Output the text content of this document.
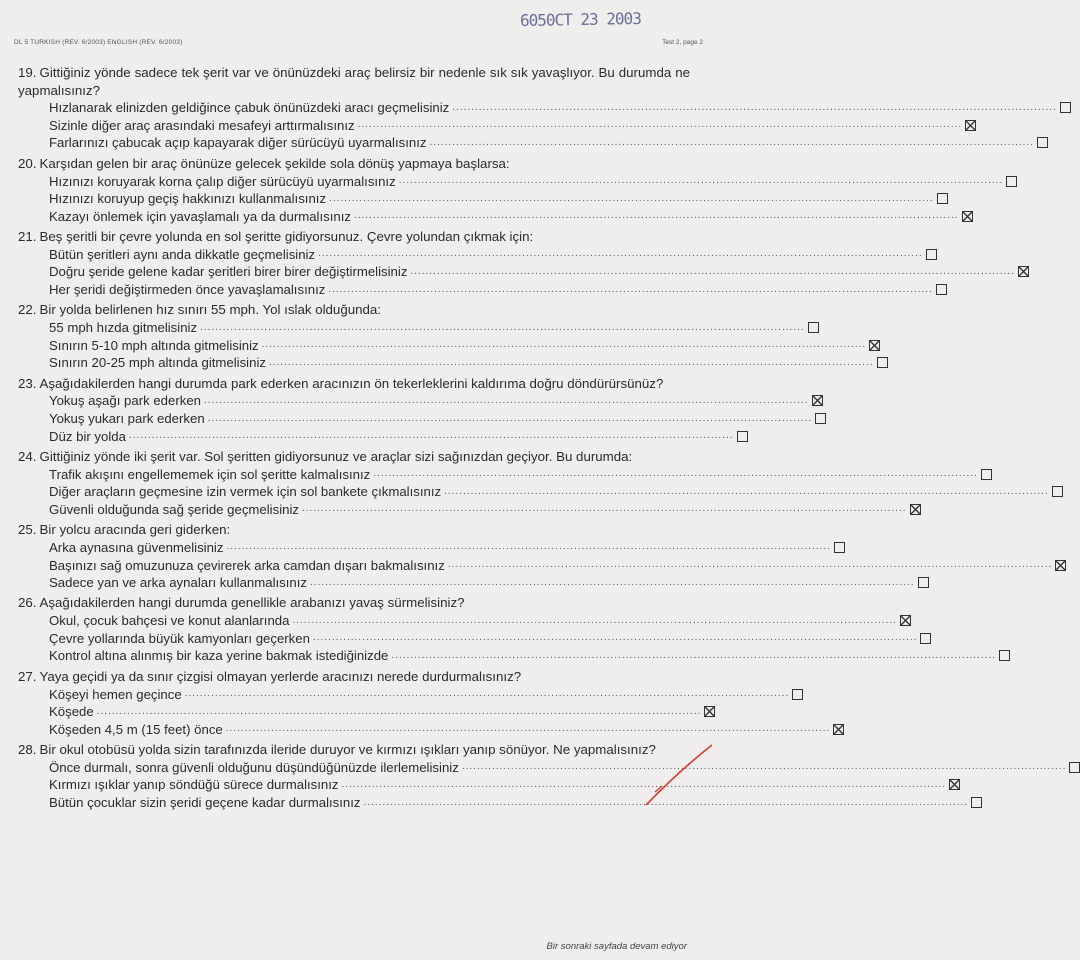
6050CT 23 2003
DL 5 TURKISH (REV. 6/2003) ENGLISH (REV. 6/2003)	Test 2, page 2
19. Gittiğiniz yönde sadece tek şerit var ve önünüzdeki araç belirsiz bir nedenle sık sık yavaşlıyor. Bu durumda ne yapmalısınız?
Hızlanarak elinizden geldiğince çabuk önünüzdeki aracı geçmelisiniz ................................................................................................................................................................
Sizinle diğer araç arasındaki mesafeyi arttırmalısınız ................................................................................................................................................................
Farlarınızı çabucak açıp kapayarak diğer sürücüyü uyarmalısınız ................................................................................................................................................................
20. Karşıdan gelen bir araç önünüze gelecek şekilde sola dönüş yapmaya başlarsa:
Hızınızı koruyarak korna çalıp diğer sürücüyü uyarmalısınız ................................................................................................................................................................
Hızınızı koruyup geçiş hakkınızı kullanmalısınız ................................................................................................................................................................
Kazayı önlemek için yavaşlamalı ya da durmalısınız ................................................................................................................................................................
21. Beş şeritli bir çevre yolunda en sol şeritte gidiyorsunuz. Çevre yolundan çıkmak için:
Bütün şeritleri aynı anda dikkatle geçmelisiniz ................................................................................................................................................................
Doğru şeride gelene kadar şeritleri birer birer değiştirmelisiniz ................................................................................................................................................................
Her şeridi değiştirmeden önce yavaşlamalısınız ................................................................................................................................................................
22. Bir yolda belirlenen hız sınırı 55 mph. Yol ıslak olduğunda:
55 mph hızda gitmelisiniz ................................................................................................................................................................
Sınırın 5-10 mph altında gitmelisiniz ................................................................................................................................................................
Sınırın 20-25 mph altında gitmelisiniz ................................................................................................................................................................
23. Aşağıdakilerden hangi durumda park ederken aracınızın ön tekerleklerini kaldırıma doğru döndürürsünüz?
Yokuş aşağı park ederken ................................................................................................................................................................
Yokuş yukarı park ederken ................................................................................................................................................................
Düz bir yolda ................................................................................................................................................................
24. Gittiğiniz yönde iki şerit var. Sol şeritten gidiyorsunuz ve araçlar sizi sağınızdan geçiyor. Bu durumda:
Trafik akışını engellememek için sol şeritte kalmalısınız ................................................................................................................................................................
Diğer araçların geçmesine izin vermek için sol banketе çıkmalısınız ................................................................................................................................................................
Güvenli olduğunda sağ şeride geçmelisiniz ................................................................................................................................................................
25. Bir yolcu aracında geri giderken:
Arka aynasına güvenmelisiniz ................................................................................................................................................................
Başınızı sağ omuzunuza çevirerek arka camdan dışarı bakmalısınız ................................................................................................................................................................
Sadece yan ve arka aynaları kullanmalısınız ................................................................................................................................................................
26. Aşağıdakilerden hangi durumda genellikle arabanızı yavaş sürmelisiniz?
Okul, çocuk bahçesi ve konut alanlarında ................................................................................................................................................................
Çevre yollarında büyük kamyonları geçerken ................................................................................................................................................................
Kontrol altına alınmış bir kaza yerine bakmak istediğinizde ................................................................................................................................................................
27. Yaya geçidi ya da sınır çizgisi olmayan yerlerde aracınızı nerede durdurmalısınız?
Köşeyi hemen geçince ................................................................................................................................................................
Köşede ................................................................................................................................................................
Köşeden 4,5 m (15 feet) önce ................................................................................................................................................................
28. Bir okul otobüsü yolda sizin tarafınızda ileride duruyor ve kırmızı ışıkları yanıp sönüyor. Ne yapmalısınız?
Önce durmalı, sonra güvenli olduğunu düşündüğünüzde ilerlemelisiniz ................................................................................................................................................................
Kırmızı ışıklar yanıp söndüğü sürece durmalısınız ................................................................................................................................................................
Bütün çocuklar sizin şeridi geçene kadar durmalısınız ................................................................................................................................................................
Bir sonraki sayfada devam ediyor
